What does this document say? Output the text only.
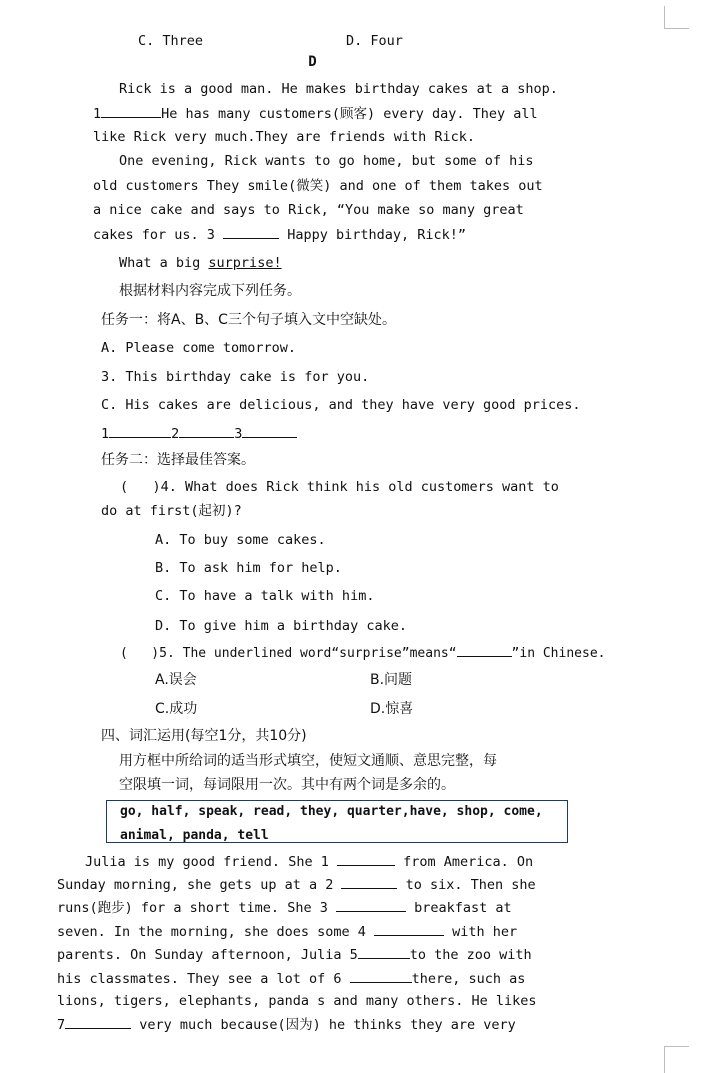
C. Three	D. Four
D
Rick is a good man. He makes birthday cakes at a shop.
1	He has many customers(顾客) every day. They all
like Rick very much.They are friends with Rick.
One evening, Rick wants to go home, but some of his
old customers They smile(微笑) and one of them takes out
a nice cake and says to Rick, “You make so many great
cakes for us. 3	Happy birthday, Rick!”
What a big surprise!
根据材料内容完成下列任务。
任务一：将A、B、C三个句子填入文中空缺处。
A. Please come tomorrow.
3. This birthday cake is for you.
C. His cakes are delicious, and they have very good prices.
1	2	3
任务二：选择最佳答案。
(   )4. What does Rick think his old customers want to
do at first(起初)?
A. To buy some cakes.
B. To ask him for help.
C. To have a talk with him.
D. To give him a birthday cake.
(   )5. The underlined word“surprise”means“	”in Chinese.
A.误会	B.问题
C.成功	D.惊喜
四、词汇运用(每空1分，共10分)
用方框中所给词的适当形式填空，使短文通顺、意思完整，每
空限填一词，每词限用一次。其中有两个词是多余的。
go, half, speak, read, they, quarter,have, shop, come,
animal, panda, tell
Julia is my good friend. She 1	from America. On
Sunday morning, she gets up at a 2	to six. Then she
runs(跑步) for a short time. She 3	breakfast at
seven. In the morning, she does some 4	with her
parents. On Sunday afternoon, Julia 5	to the zoo with
his classmates. They see a lot of 6	there, such as
lions, tigers, elephants, panda s and many others. He likes
7	very much because(因为) he thinks they are very
